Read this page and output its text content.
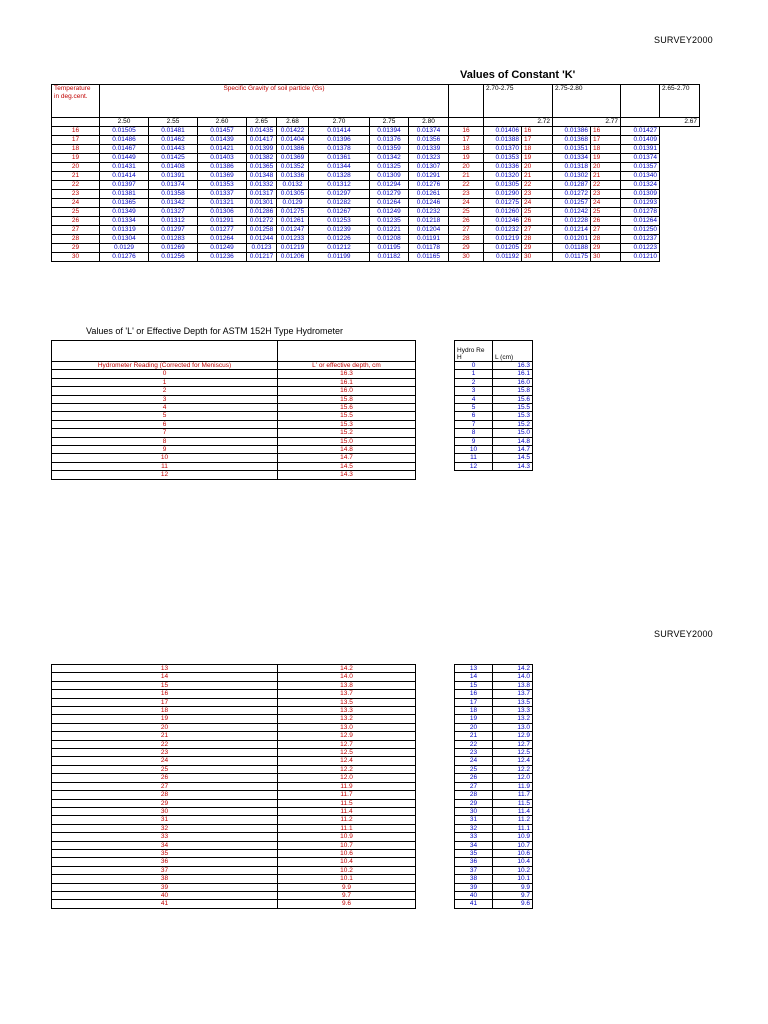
SURVEY2000
Values of Constant 'K'
Temperature in deg.cent.	Specific Gravity of soil particle (Gs)									2.70-2.75		2.75-2.80			2.65-2.70
	2.50	2.55	2.60	2.65	2.68	2.70	2.75	2.80		2.72		2.77		2.67	
16	0.01505	0.01481	0.01457	0.01435	0.01422	0.01414	0.01394	0.01374	16	0.01406	16	0.01386	16	0.01427	
17	0.01486	0.01462	0.01439	0.01417	0.01404	0.01396	0.01376	0.01356	17	0.01388	17	0.01368	17	0.01409	
18	0.01467	0.01443	0.01421	0.01399	0.01386	0.01378	0.01359	0.01339	18	0.01370	18	0.01351	18	0.01391	
19	0.01449	0.01425	0.01403	0.01382	0.01369	0.01361	0.01342	0.01323	19	0.01353	19	0.01334	19	0.01374	
20	0.01431	0.01408	0.01386	0.01365	0.01352	0.01344	0.01325	0.01307	20	0.01336	20	0.01318	20	0.01357	
21	0.01414	0.01391	0.01369	0.01348	0.01336	0.01328	0.01309	0.01291	21	0.01320	21	0.01302	21	0.01340	
22	0.01397	0.01374	0.01353	0.01332	0.0132	0.01312	0.01294	0.01276	22	0.01305	22	0.01287	22	0.01324	
23	0.01381	0.01358	0.01337	0.01317	0.01305	0.01297	0.01279	0.01261	23	0.01290	23	0.01272	23	0.01309	
24	0.01365	0.01342	0.01321	0.01301	0.0129	0.01282	0.01264	0.01246	24	0.01275	24	0.01257	24	0.01293	
25	0.01349	0.01327	0.01306	0.01286	0.01275	0.01267	0.01249	0.01232	25	0.01260	25	0.01242	25	0.01278	
26	0.01334	0.01312	0.01291	0.01272	0.01261	0.01253	0.01235	0.01218	26	0.01246	26	0.01228	26	0.01264	
27	0.01319	0.01297	0.01277	0.01258	0.01247	0.01239	0.01221	0.01204	27	0.01232	27	0.01214	27	0.01250	
28	0.01304	0.01283	0.01264	0.01244	0.01233	0.01226	0.01208	0.01191	28	0.01219	28	0.01201	28	0.01237	
29	0.0129	0.01269	0.01249	0.0123	0.01219	0.01212	0.01195	0.01178	29	0.01205	29	0.01188	29	0.01223	
30	0.01276	0.01256	0.01236	0.01217	0.01206	0.01199	0.01182	0.01165	30	0.01192	30	0.01175	30	0.01210	
Values of 'L' or Effective Depth for ASTM 152H Type Hydrometer

Hydrometer Reading (Corrected for Meniscus)	L' or effective depth, cm
0	16.3
1	16.1
2	16.0
3	15.8
4	15.6
5	15.5
6	15.3
7	15.2
8	15.0
9	14.8
10	14.7
11	14.5
12	14.3
Hydro Re H	L (cm)
0	16.3
1	16.1
2	16.0
3	15.8
4	15.6
5	15.5
6	15.3
7	15.2
8	15.0
9	14.8
10	14.7
11	14.5
12	14.3
SURVEY2000
13	14.2
14	14.0
15	13.8
16	13.7
17	13.5
18	13.3
19	13.2
20	13.0
21	12.9
22	12.7
23	12.5
24	12.4
25	12.2
26	12.0
27	11.9
28	11.7
29	11.5
30	11.4
31	11.2
32	11.1
33	10.9
34	10.7
35	10.6
36	10.4
37	10.2
38	10.1
39	9.9
40	9.7
41	9.6
13	14.2
14	14.0
15	13.8
16	13.7
17	13.5
18	13.3
19	13.2
20	13.0
21	12.9
22	12.7
23	12.5
24	12.4
25	12.2
26	12.0
27	11.9
28	11.7
29	11.5
30	11.4
31	11.2
32	11.1
33	10.9
34	10.7
35	10.6
36	10.4
37	10.2
38	10.1
39	9.9
40	9.7
41	9.6
